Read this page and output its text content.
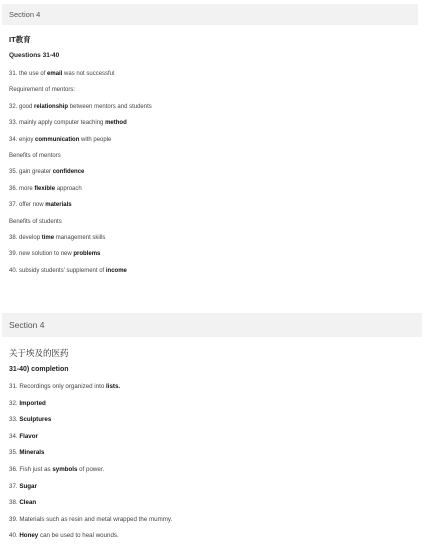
Section 4
IT教育
Questions 31-40
31. the use of email was not successful
Requirement of mentors:
32. good relationship between mentors and students
33. mainly apply computer teaching method
34. enjoy communication with people
Benefits of mentors
35. gain greater confidence
36. more flexible approach
37. offer now materials
Benefits of students
38. develop time management skills
39. new solution to new problems
40. subsidy students' supplement of income
Section 4
关于埃及的医药
31-40) completion
31. Recordings only organized into lists.
32. Imported
33. Sculptures
34. Flavor
35. Minerals
36. Fish just as symbols of power.
37. Sugar
38. Clean
39. Materials such as resin and metal wrapped the mummy.
40. Honey can be used to heal wounds.
